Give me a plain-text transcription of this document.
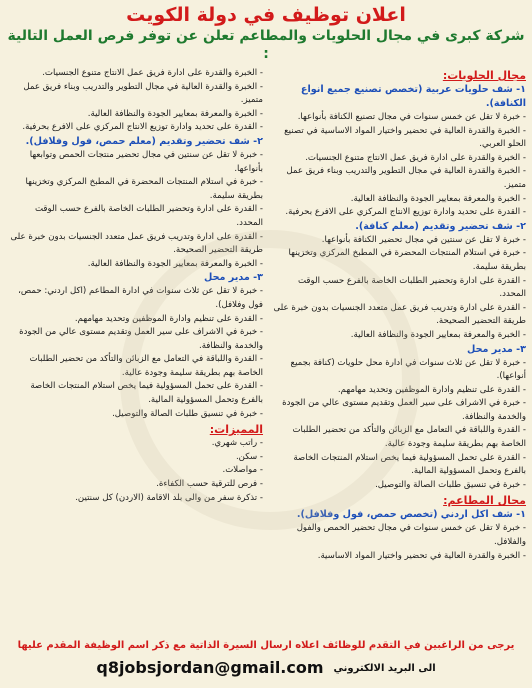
اعلان توظيف في دولة الكويت
شركة كبرى في مجال الحلويات والمطاعم تعلن عن توفر فرص العمل التالية :
مجال الحلويات:
١- شف حلويات عربية (تخصص تصنيع جميع انواع الكنافة).
- خبرة لا تقل عن خمس سنوات في مجال تصنيع الكنافة بأنواعها.
- الخبرة والقدرة العالية في تحضير واختيار المواد الاساسية في تصنيع الحلو العربي.
- الخبرة والقدرة على ادارة فريق عمل الانتاج متنوع الجنسيات.
- الخبرة والقدرة العالية في مجال التطوير والتدريب وبناء فريق عمل متميز.
- الخبرة والمعرفة بمعايير الجودة والنظافة العالية.
- القدرة على تحديد وادارة توزيع الانتاج المركزي على الافرع بحرفية.
٢- شف تحضير وتقديم (معلم كنافة).
- خبرة لا تقل عن سنتين في مجال تحضير الكنافة بأنواعها.
- خبرة في استلام المنتجات المحضرة في المطبخ المركزي وتخزينها بطريقة سليمة.
- القدرة على ادارة وتحضير الطلبات الخاصة بالفرع حسب الوقت المحدد.
- القدرة على ادارة وتدريب فريق عمل متعدد الجنسيات بدون خبرة على طريقة التحضير الصحيحة.
- الخبرة والمعرفة بمعايير الجودة والنظافة العالية.
٣- مدير محل
- خبرة لا تقل عن ثلاث سنوات في ادارة محل حلويات (كنافة بجميع أنواعها).
- القدرة على تنظيم وادارة الموظفين وتحديد مهامهم.
- خبرة في الاشراف على سير العمل وتقديم مستوى عالي من الجودة والخدمة والنظافة.
- القدرة واللباقة في التعامل مع الزبائن والتأكد من تحضير الطلبات الخاصة بهم بطريقة سليمة وجودة عالية.
- القدرة على تحمل المسؤولية فيما يخص استلام المنتجات الخاصة بالفرع وتحمل المسؤولية المالية.
- خبرة في تنسيق طلبات الصالة والتوصيل.
مجال المطاعم:
١- شف اكل اردني (تخصص حمص، فول وفلافل).
- خبرة لا تقل عن خمس سنوات في مجال تحضير الحمص والفول والفلافل.
- الخبرة والقدرة العالية في تحضير واختيار المواد الاساسية.
- الخبرة والقدرة على ادارة فريق عمل الانتاج متنوع الجنسيات.
- الخبرة والقدرة العالية في مجال التطوير والتدريب وبناء فريق عمل متميز.
- الخبرة والمعرفة بمعايير الجودة والنظافة العالية.
- القدرة على تحديد وادارة توزيع الانتاج المركزي على الافرع بحرفية.
٢- شف تحضير وتقديم (معلم حمص، فول وفلافل).
- خبرة لا تقل عن سنتين في مجال تحضير منتجات الحمص وتوابعها بأنواعها.
- خبرة في استلام المنتجات المحضرة في المطبخ المركزي وتخزينها بطريقة سليمة.
- القدرة على ادارة وتحضير الطلبات الخاصة بالفرع حسب الوقت المحدد.
- القدرة على ادارة وتدريب فريق عمل متعدد الجنسيات بدون خبرة على طريقة التحضير الصحيحة.
- الخبرة والمعرفة بمعايير الجودة والنظافة العالية.
٣- مدير محل
- خبرة لا تقل عن ثلاث سنوات في ادارة المطاعم (اكل اردني: حمص، فول وفلافل).
- القدرة على تنظيم وادارة الموظفين وتحديد مهامهم.
- خبرة في الاشراف على سير العمل وتقديم مستوى عالي من الجودة والخدمة والنظافة.
- القدرة واللباقة في التعامل مع الزبائن والتأكد من تحضير الطلبات الخاصة بهم بطريقة سليمة وجودة عالية.
- القدرة على تحمل المسؤولية فيما يخص استلام المنتجات الخاصة بالفرع وتحمل المسؤولية المالية.
- خبرة في تنسيق طلبات الصالة والتوصيل.
المميزات:
- راتب شهري.
- سكن.
- مواصلات.
- فرص للترقية حسب الكفاءة.
- تذكرة سفر من والى بلد الاقامة (الاردن) كل سنتين.
يرجى من الراغبين في التقدم للوظائف اعلاه ارسال السيرة الذاتية مع ذكر اسم الوظيفة المقدم عليها
الى البريد الالكتروني
q8jobsjordan@gmail.com
